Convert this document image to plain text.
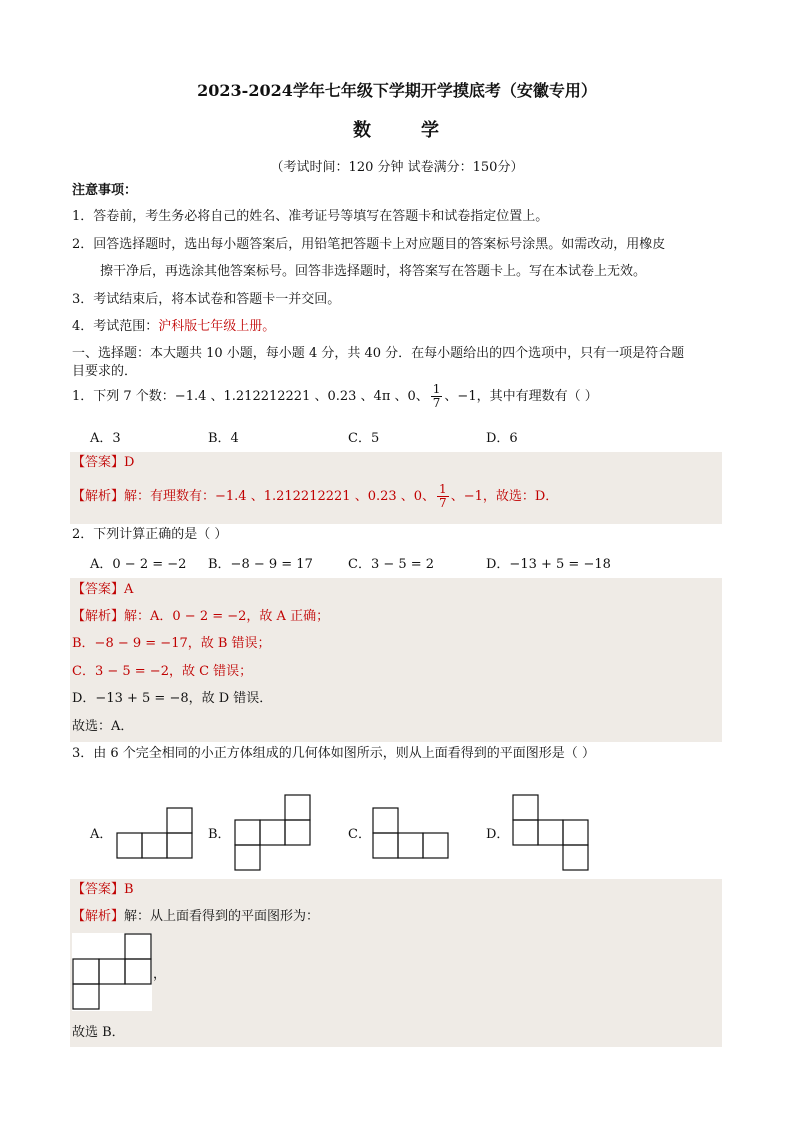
2023-2024学年七年级下学期开学摸底考（安徽专用）
数	学
（考试时间：120 分钟 试卷满分：150分）
注意事项：
1．答卷前，考生务必将自己的姓名、准考证号等填写在答题卡和试卷指定位置上。
2．回答选择题时，选出每小题答案后，用铅笔把答题卡上对应题目的答案标号涂黑。如需改动，用橡皮
擦干净后，再选涂其他答案标号。回答非选择题时，将答案写在答题卡上。写在本试卷上无效。
3．考试结束后，将本试卷和答题卡一并交回。
4．考试范围：沪科版七年级上册。
一、选择题：本大题共 10 小题，每小题 4 分，共 40 分．在每小题给出的四个选项中，只有一项是符合题
目要求的．
1．下列 7 个数：−1.4 、1.212212221 、0.23 、4π 、0、 $\frac{1}{7}$ 、−1，其中有理数有（ ）
A．3	B．4	C．5	D．6
【答案】D
【解析】解：有理数有：−1.4 、1.212212221 、0.23 、0、 $\frac{1}{7}$ 、−1，故选：D．
2．下列计算正确的是（ ）
A．0 − 2 = −2 B．−8 − 9 = 17	C．3 − 5 = 2	D．−13 + 5 = −18
【答案】A
【解析】解：A．0 − 2 = −2，故 A 正确；
B．−8 − 9 = −17，故 B 错误；
C．3 − 5 = −2，故 C 错误；
D．−13 + 5 = −8，故 D 错误．
故选：A．
3．由 6 个完全相同的小正方体组成的几何体如图所示，则从上面看得到的平面图形是（ ）
A．	B．	C．	D．
【答案】B
【解析】解：从上面看得到的平面图形为：
，
故选 B．
